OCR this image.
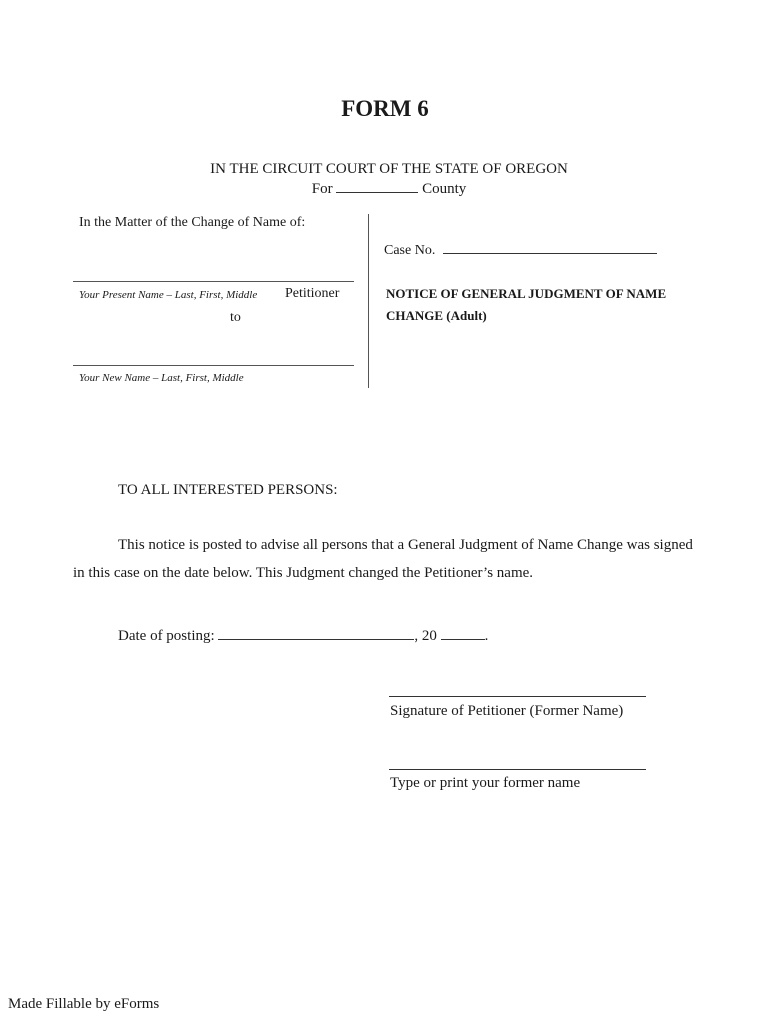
FORM 6
IN THE CIRCUIT COURT OF THE STATE OF OREGON
For	County
In the Matter of the Change of Name of:
Case No.
Your Present Name – Last, First, Middle Petitioner
to
Your New Name – Last, First, Middle
NOTICE OF GENERAL JUDGMENT OF NAME
CHANGE (Adult)
TO ALL INTERESTED PERSONS:
This notice is posted to advise all persons that a General Judgment of Name Change was signed
in this case on the date below. This Judgment changed the Petitioner’s name.
Date of posting:	, 20	.
Signature of Petitioner (Former Name)
Type or print your former name
Made Fillable by eForms
